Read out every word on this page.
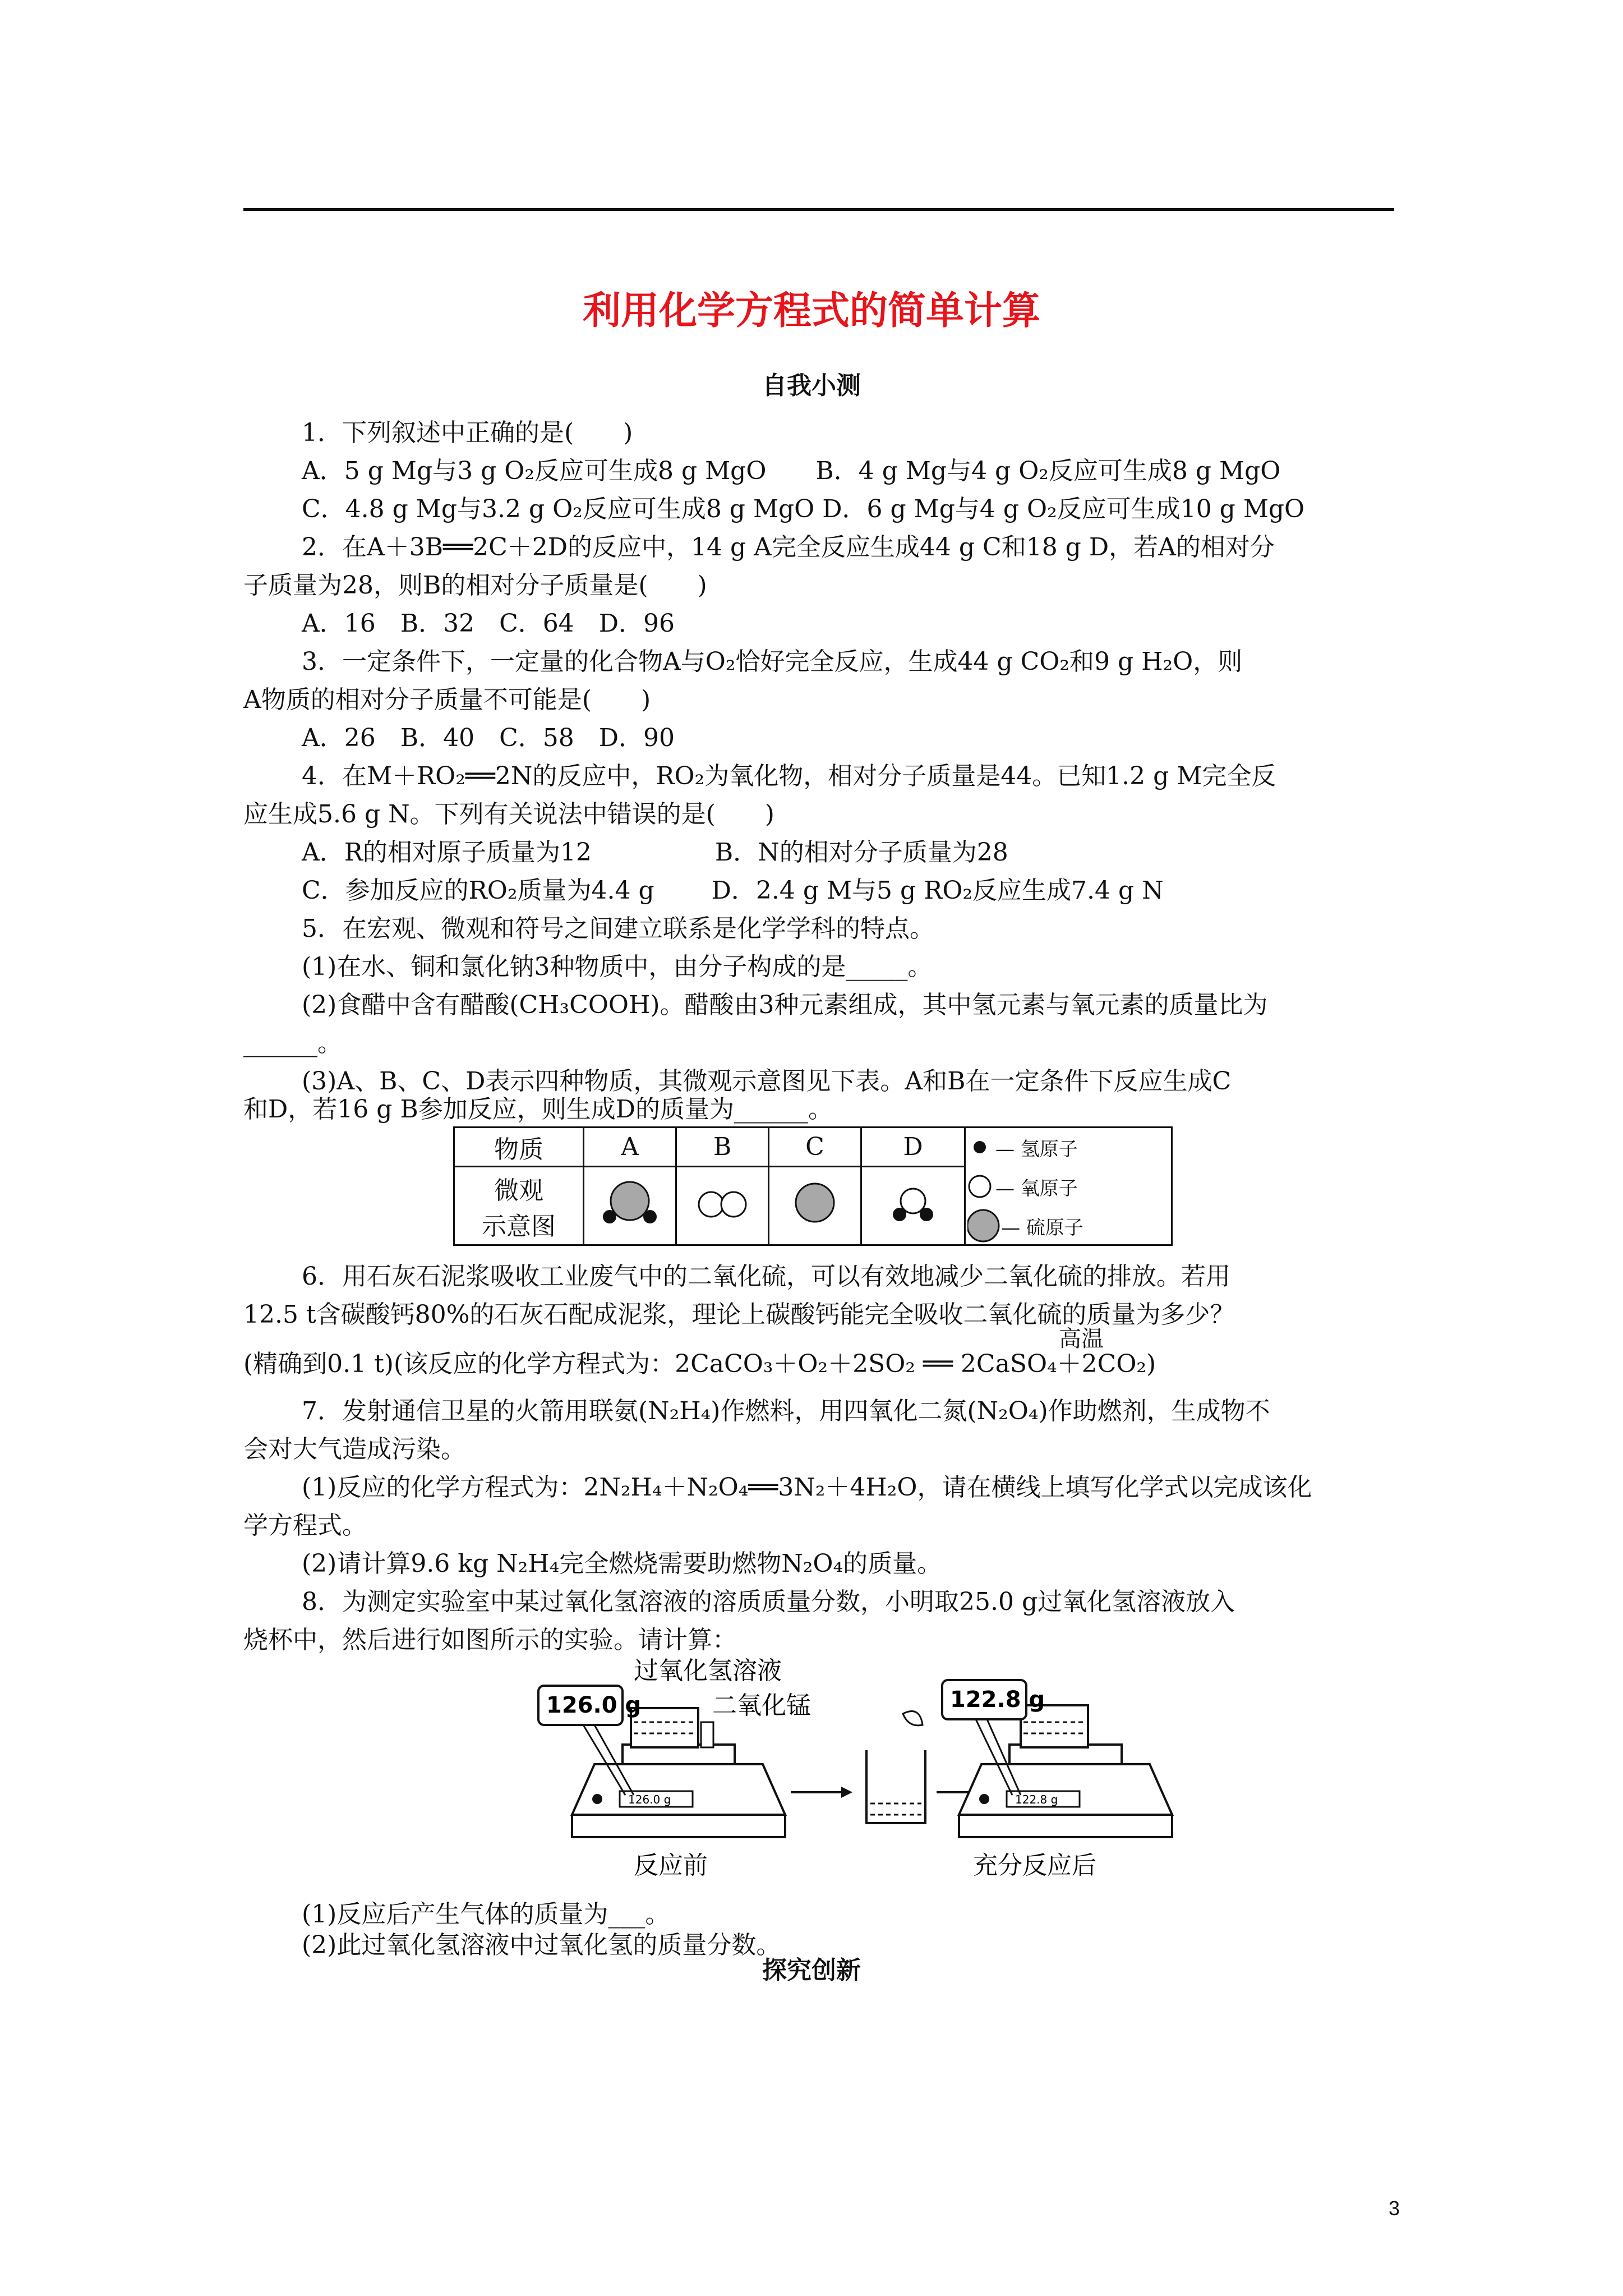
利用化学方程式的简单计算
自我小测
1．下列叙述中正确的是(　　)
A．5 g Mg与3 g O₂反应可生成8 g MgO　　B．4 g Mg与4 g O₂反应可生成8 g MgO
C．4.8 g Mg与3.2 g O₂反应可生成8 g MgO D．6 g Mg与4 g O₂反应可生成10 g MgO
2．在A＋3B══2C＋2D的反应中，14 g A完全反应生成44 g C和18 g D，若A的相对分
子质量为28，则B的相对分子质量是(　　)
A．16　B．32　C．64　D．96
3．一定条件下，一定量的化合物A与O₂恰好完全反应，生成44 g CO₂和9 g H₂O，则
A物质的相对分子质量不可能是(　　)
A．26　B．40　C．58　D．90
4．在M＋RO₂══2N的反应中，RO₂为氧化物，相对分子质量是44。已知1.2 g M完全反
应生成5.6 g N。下列有关说法中错误的是(　　)
A．R的相对原子质量为12　　　　　B．N的相对分子质量为28
C．参加反应的RO₂质量为4.4 g　　 D．2.4 g M与5 g RO₂反应生成7.4 g N
5．在宏观、微观和符号之间建立联系是化学学科的特点。
(1)在水、铜和氯化钠3种物质中，由分子构成的是_____。
(2)食醋中含有醋酸(CH₃COOH)。醋酸由3种元素组成，其中氢元素与氧元素的质量比为
______。
(3)A、B、C、D表示四种物质，其微观示意图见下表。A和B在一定条件下反应生成C
和D，若16 g B参加反应，则生成D的质量为______。
物质	A	B	C	D	

微观
示意图

— 氢原子
— 氧原子
— 硫原子
6．用石灰石泥浆吸收工业废气中的二氧化硫，可以有效地减少二氧化硫的排放。若用
12.5 t含碳酸钙80%的石灰石配成泥浆，理论上碳酸钙能完全吸收二氧化硫的质量为多少？
高温
(精确到0.1 t)(该反应的化学方程式为：2CaCO₃＋O₂＋2SO₂ ══ 2CaSO₄＋2CO₂)
7．发射通信卫星的火箭用联氨(N₂H₄)作燃料，用四氧化二氮(N₂O₄)作助燃剂，生成物不
会对大气造成污染。
(1)反应的化学方程式为：2N₂H₄＋N₂O₄══3N₂＋4H₂O，请在横线上填写化学式以完成该化
学方程式。
(2)请计算9.6 kg N₂H₄完全燃烧需要助燃物N₂O₄的质量。
8．为测定实验室中某过氧化氢溶液的溶质质量分数，小明取25.0 g过氧化氢溶液放入
烧杯中，然后进行如图所示的实验。请计算：
过氧化氢溶液
126.0 g
126.0 g	二氧化锰
122.8 g
122.8 g
反应前	充分反应后
(1)反应后产生气体的质量为___。
(2)此过氧化氢溶液中过氧化氢的质量分数。
探究创新
3
